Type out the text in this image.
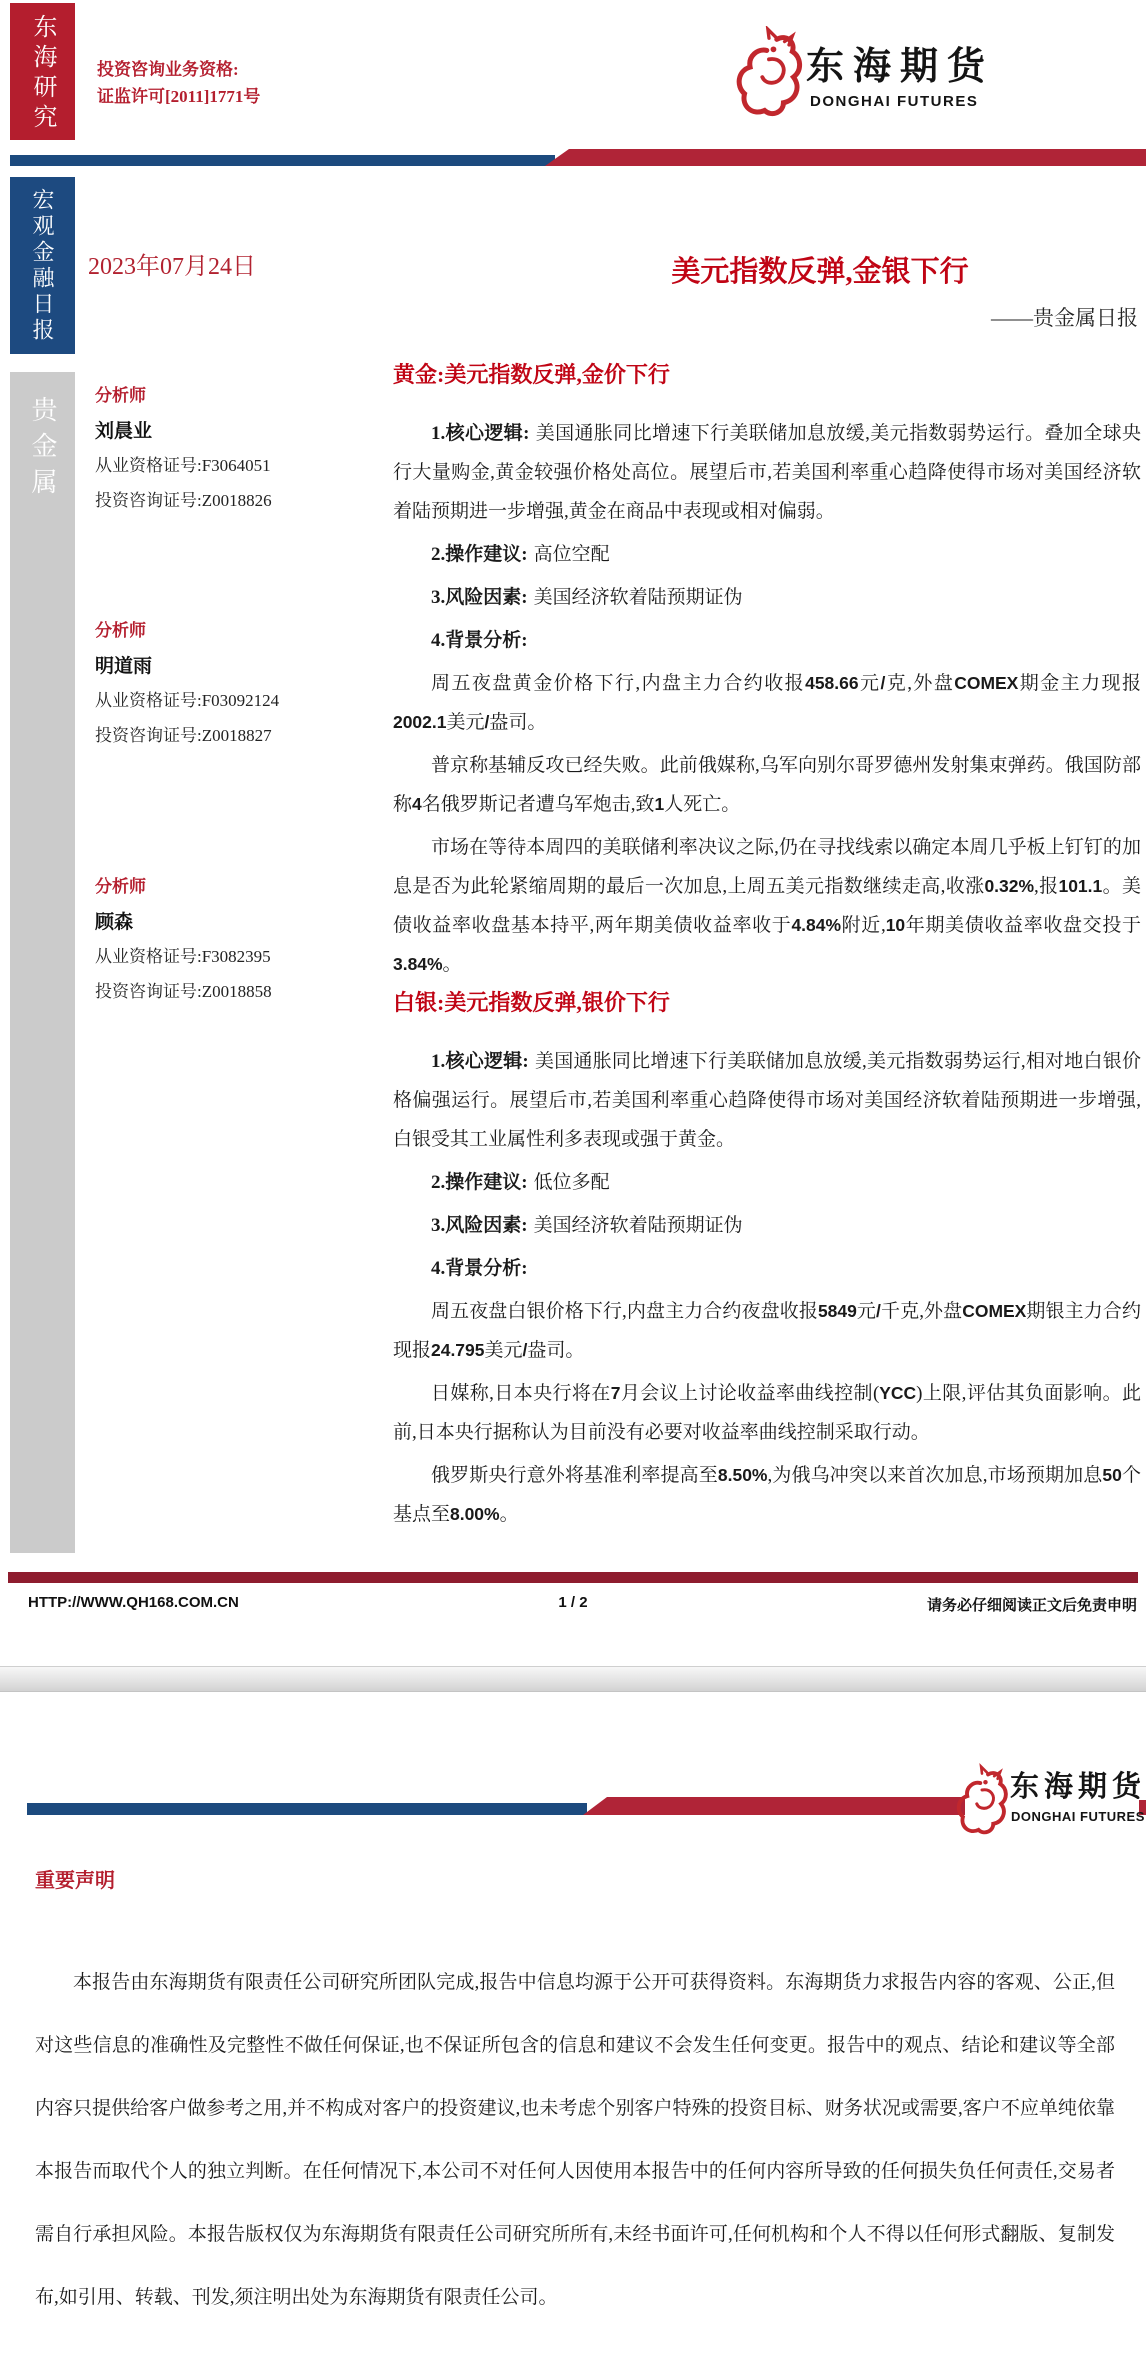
东海研究	投资咨询业务资格:
证监许可[2011]1771号
东海期货
DONGHAI FUTURES
宏观金融日报
贵金属
2023年07月24日	美元指数反弹,金银下行
——贵金属日报
分析师
刘晨业
从业资格证号:F3064051
投资咨询证号:Z0018826
分析师
明道雨
从业资格证号:F03092124
投资咨询证号:Z0018827
分析师
顾森
从业资格证号:F3082395
投资咨询证号:Z0018858
黄金:美元指数反弹,金价下行

1.核心逻辑: 美国通胀同比增速下行美联储加息放缓,美元指数弱势运行。叠加全球央行大量购金,黄金较强价格处高位。展望后市,若美国利率重心趋降使得市场对美国经济软着陆预期进一步增强,黄金在商品中表现或相对偏弱。

2.操作建议: 高位空配

3.风险因素: 美国经济软着陆预期证伪

4.背景分析:

周五夜盘黄金价格下行,内盘主力合约收报458.66元/克,外盘COMEX期金主力现报2002.1美元/盎司。

普京称基辅反攻已经失败。此前俄媒称,乌军向别尔哥罗德州发射集束弹药。俄国防部称4名俄罗斯记者遭乌军炮击,致1人死亡。

市场在等待本周四的美联储利率决议之际,仍在寻找线索以确定本周几乎板上钉钉的加息是否为此轮紧缩周期的最后一次加息,上周五美元指数继续走高,收涨0.32%,报101.1。美债收益率收盘基本持平,两年期美债收益率收于4.84%附近,10年期美债收益率收盘交投于3.84%。

白银:美元指数反弹,银价下行

1.核心逻辑: 美国通胀同比增速下行美联储加息放缓,美元指数弱势运行,相对地白银价格偏强运行。展望后市,若美国利率重心趋降使得市场对美国经济软着陆预期进一步增强,白银受其工业属性利多表现或强于黄金。

2.操作建议: 低位多配

3.风险因素: 美国经济软着陆预期证伪

4.背景分析:

周五夜盘白银价格下行,内盘主力合约夜盘收报5849元/千克,外盘COMEX期银主力合约现报24.795美元/盎司。

日媒称,日本央行将在7月会议上讨论收益率曲线控制(YCC)上限,评估其负面影响。此前,日本央行据称认为目前没有必要对收益率曲线控制采取行动。

俄罗斯央行意外将基准利率提高至8.50%,为俄乌冲突以来首次加息,市场预期加息50个基点至8.00%。

HTTP://WWW.QH168.COM.CN	1 / 2	请务必仔细阅读正文后免责申明
东海期货
DONGHAI FUTURES
重要声明
本报告由东海期货有限责任公司研究所团队完成,报告中信息均源于公开可获得资料。东海期货力求报告内容的客观、公正,但对这些信息的准确性及完整性不做任何保证,也不保证所包含的信息和建议不会发生任何变更。报告中的观点、结论和建议等全部内容只提供给客户做参考之用,并不构成对客户的投资建议,也未考虑个别客户特殊的投资目标、财务状况或需要,客户不应单纯依靠本报告而取代个人的独立判断。在任何情况下,本公司不对任何人因使用本报告中的任何内容所导致的任何损失负任何责任,交易者需自行承担风险。本报告版权仅为东海期货有限责任公司研究所所有,未经书面许可,任何机构和个人不得以任何形式翻版、复制发布,如引用、转载、刊发,须注明出处为东海期货有限责任公司。
